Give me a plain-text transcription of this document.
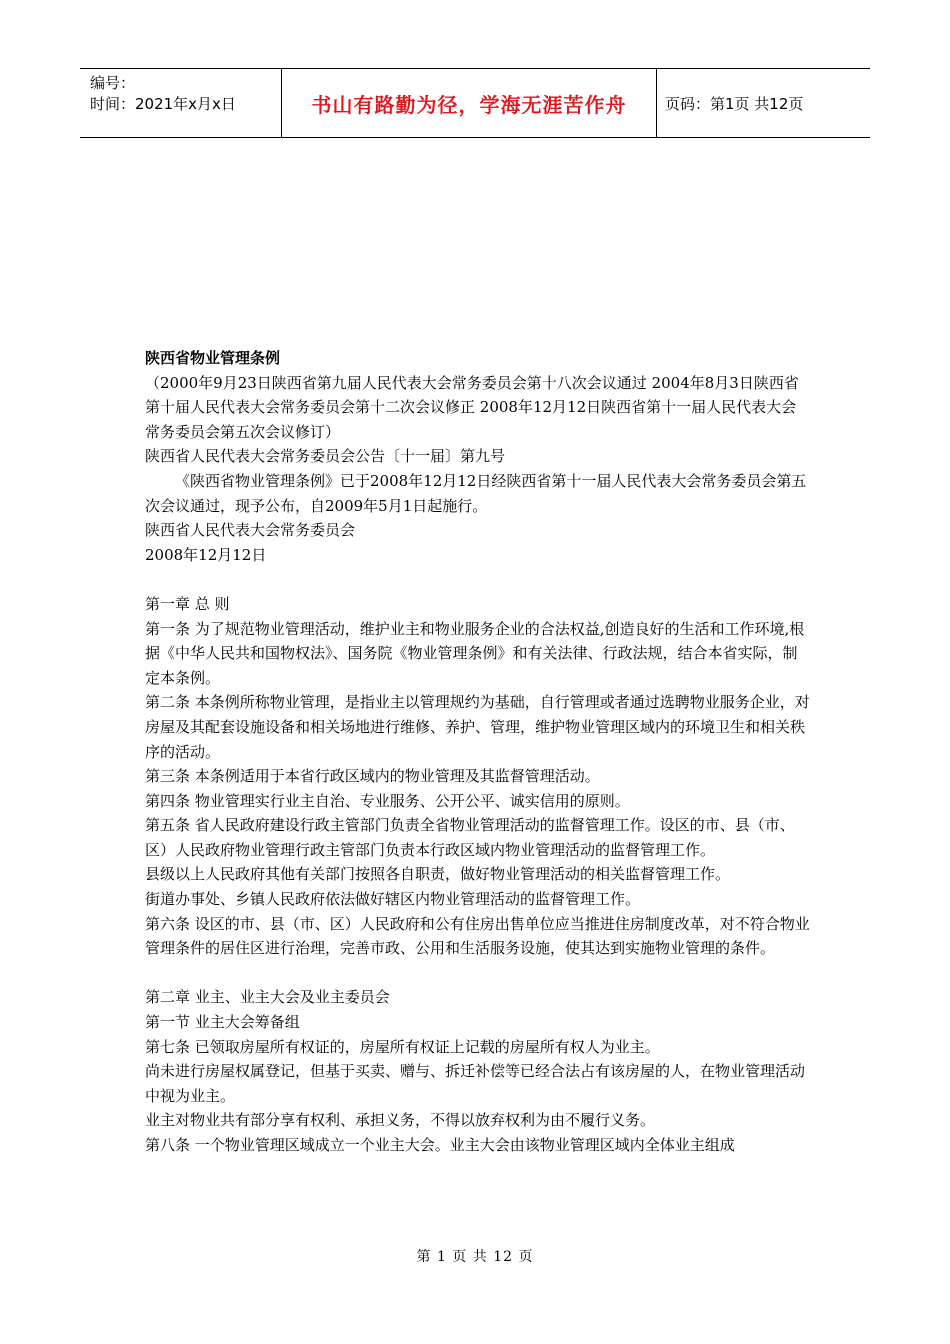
编号：
时间：2021年x月x日	书山有路勤为径，学海无涯苦作舟	页码：第1页 共12页

陕西省物业管理条例

（2000年9月23日陕西省第九届人民代表大会常务委员会第十八次会议通过 2004年8月3日陕西省第十届人民代表大会常务委员会第十二次会议修正 2008年12月12日陕西省第十一届人民代表大会常务委员会第五次会议修订）

陕西省人民代表大会常务委员会公告〔十一届〕第九号

《陕西省物业管理条例》已于2008年12月12日经陕西省第十一届人民代表大会常务委员会第五次会议通过，现予公布，自2009年5月1日起施行。

陕西省人民代表大会常务委员会

2008年12月12日

第一章 总 则

第一条 为了规范物业管理活动，维护业主和物业服务企业的合法权益,创造良好的生活和工作环境,根据《中华人民共和国物权法》、国务院《物业管理条例》和有关法律、行政法规，结合本省实际，制定本条例。

第二条 本条例所称物业管理，是指业主以管理规约为基础，自行管理或者通过选聘物业服务企业，对房屋及其配套设施设备和相关场地进行维修、养护、管理，维护物业管理区域内的环境卫生和相关秩序的活动。

第三条 本条例适用于本省行政区域内的物业管理及其监督管理活动。

第四条 物业管理实行业主自治、专业服务、公开公平、诚实信用的原则。

第五条 省人民政府建设行政主管部门负责全省物业管理活动的监督管理工作。设区的市、县（市、区）人民政府物业管理行政主管部门负责本行政区域内物业管理活动的监督管理工作。

县级以上人民政府其他有关部门按照各自职责，做好物业管理活动的相关监督管理工作。

街道办事处、乡镇人民政府依法做好辖区内物业管理活动的监督管理工作。

第六条 设区的市、县（市、区）人民政府和公有住房出售单位应当推进住房制度改革，对不符合物业管理条件的居住区进行治理，完善市政、公用和生活服务设施，使其达到实施物业管理的条件。

第二章 业主、业主大会及业主委员会

第一节 业主大会筹备组

第七条 已领取房屋所有权证的，房屋所有权证上记载的房屋所有权人为业主。

尚未进行房屋权属登记，但基于买卖、赠与、拆迁补偿等已经合法占有该房屋的人，在物业管理活动中视为业主。

业主对物业共有部分享有权利、承担义务，不得以放弃权利为由不履行义务。

第八条 一个物业管理区域成立一个业主大会。业主大会由该物业管理区域内全体业主组成

第 1 页 共 12 页
